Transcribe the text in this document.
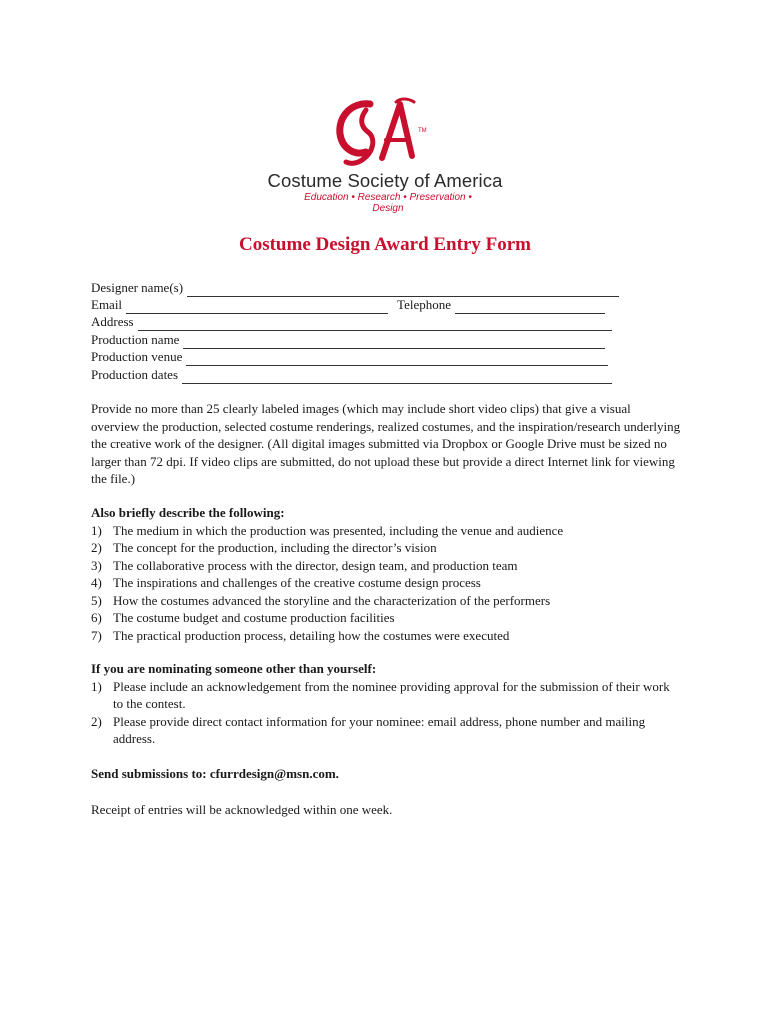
TM
Costume Society of America
Education • Research • Preservation • Design
Costume Design Award Entry Form
Designer name(s)
Email	Telephone
Address
Production name
Production venue
Production dates

Provide no more than 25 clearly labeled images (which may include short video clips) that give a visual overview the production, selected costume renderings, realized costumes, and the inspiration/research underlying the creative work of the designer. (All digital images submitted via Dropbox or Google Drive must be sized no larger than 72 dpi. If video clips are submitted, do not upload these but provide a direct Internet link for viewing the file.)

Also briefly describe the following:

1) The medium in which the production was presented, including the venue and audience
2) The concept for the production, including the director’s vision
3) The collaborative process with the director, design team, and production team
4) The inspirations and challenges of the creative costume design process
5) How the costumes advanced the storyline and the characterization of the performers
6) The costume budget and costume production facilities
7) The practical production process, detailing how the costumes were executed

If you are nominating someone other than yourself:

1) Please include an acknowledgement from the nominee providing approval for the submission of their work to the contest.
2) Please provide direct contact information for your nominee: email address, phone number and mailing address.

Send submissions to: cfurrdesign@msn.com.

Receipt of entries will be acknowledged within one week.
